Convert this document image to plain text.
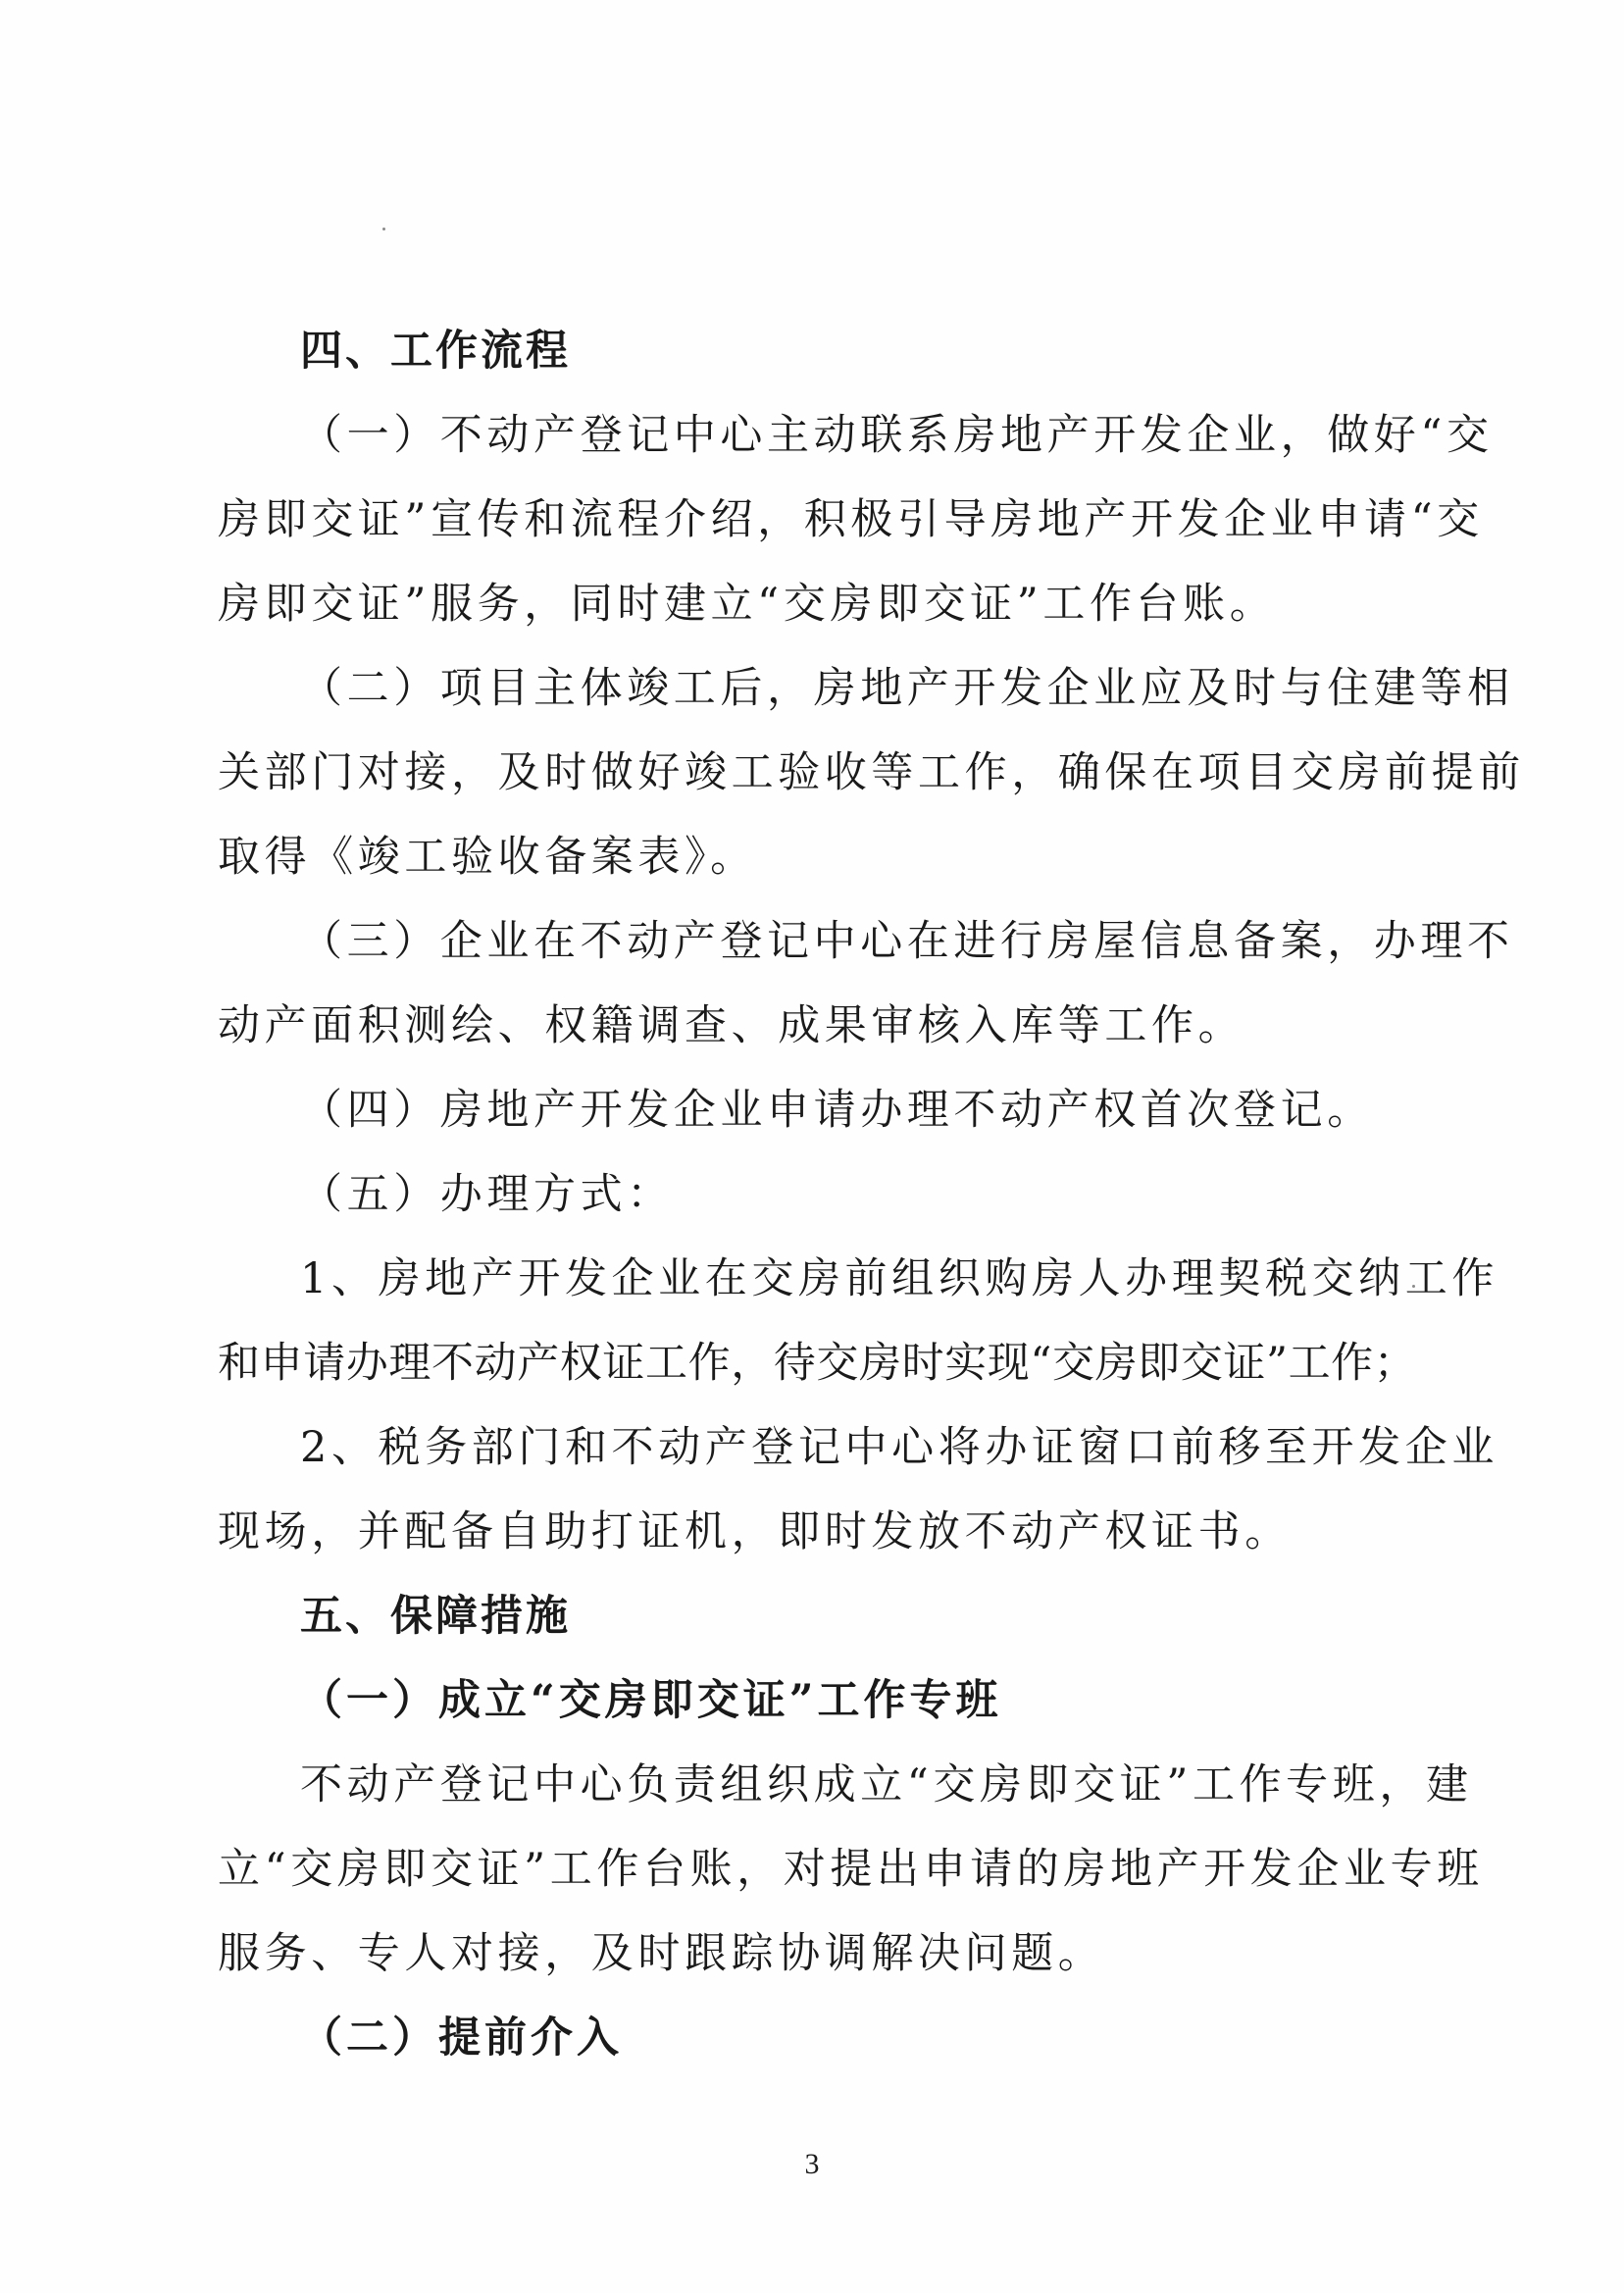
四、工作流程
（一）不动产登记中心主动联系房地产开发企业，做好“交
房即交证”宣传和流程介绍，积极引导房地产开发企业申请“交
房即交证”服务，同时建立“交房即交证”工作台账。
（二）项目主体竣工后，房地产开发企业应及时与住建等相
关部门对接，及时做好竣工验收等工作，确保在项目交房前提前
取得《竣工验收备案表》。
（三）企业在不动产登记中心在进行房屋信息备案，办理不
动产面积测绘、权籍调查、成果审核入库等工作。
（四）房地产开发企业申请办理不动产权首次登记。
（五）办理方式：
1、房地产开发企业在交房前组织购房人办理契税交纳工作
和申请办理不动产权证工作，待交房时实现“交房即交证”工作；
2、税务部门和不动产登记中心将办证窗口前移至开发企业
现场，并配备自助打证机，即时发放不动产权证书。
五、保障措施
（一）成立“交房即交证”工作专班
不动产登记中心负责组织成立“交房即交证”工作专班，建
立“交房即交证”工作台账，对提出申请的房地产开发企业专班
服务、专人对接，及时跟踪协调解决问题。
（二）提前介入
3
